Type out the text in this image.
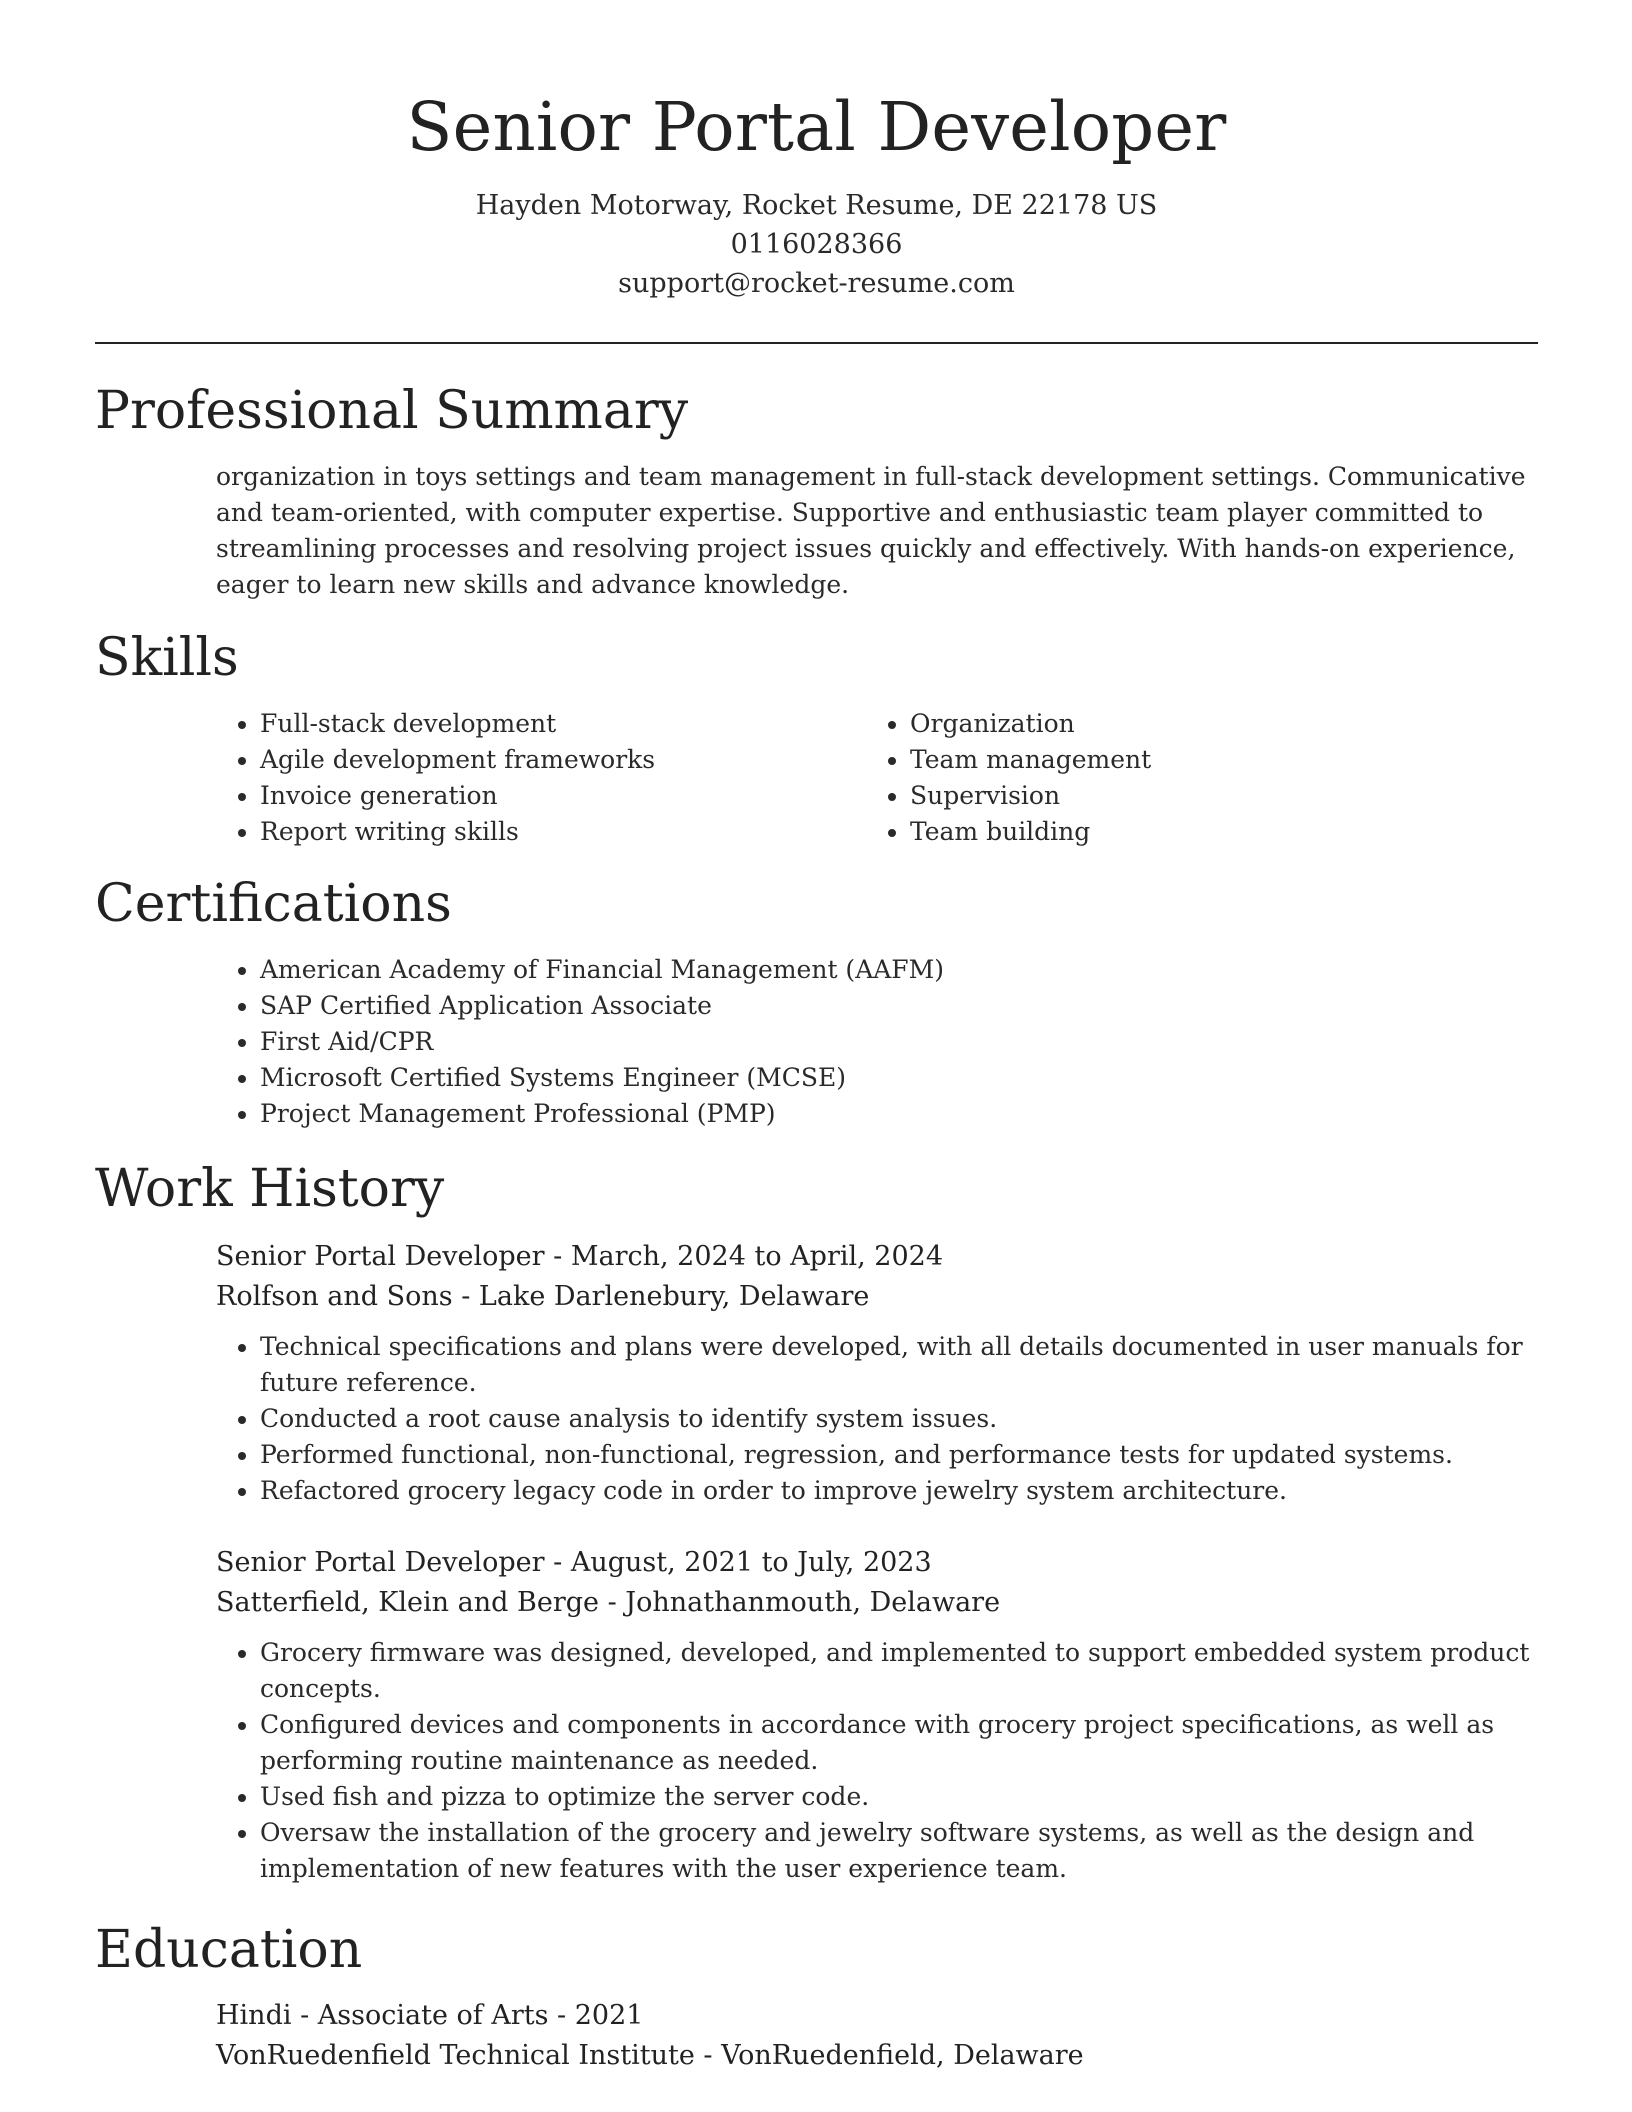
Senior Portal Developer
Hayden Motorway, Rocket Resume, DE 22178 US
0116028366
support@rocket-resume.com
Professional Summary

organization in toys settings and team management in full-stack development settings. Communicative and team-oriented, with computer expertise. Supportive and enthusiastic team player committed to streamlining processes and resolving project issues quickly and effectively. With hands-on experience, eager to learn new skills and advance knowledge.

Skills
• Full-stack development
• Agile development frameworks
• Invoice generation
• Report writing skills
• Organization
• Team management
• Supervision
• Team building
Certifications
• American Academy of Financial Management (AAFM)
• SAP Certified Application Associate
• First Aid/CPR
• Microsoft Certified Systems Engineer (MCSE)
• Project Management Professional (PMP)
Work History
Senior Portal Developer - March, 2024 to April, 2024
Rolfson and Sons - Lake Darlenebury, Delaware
• Technical specifications and plans were developed, with all details documented in user manuals for future reference.
• Conducted a root cause analysis to identify system issues.
• Performed functional, non-functional, regression, and performance tests for updated systems.
• Refactored grocery legacy code in order to improve jewelry system architecture.
Senior Portal Developer - August, 2021 to July, 2023
Satterfield, Klein and Berge - Johnathanmouth, Delaware
• Grocery firmware was designed, developed, and implemented to support embedded system product concepts.
• Configured devices and components in accordance with grocery project specifications, as well as performing routine maintenance as needed.
• Used fish and pizza to optimize the server code.
• Oversaw the installation of the grocery and jewelry software systems, as well as the design and implementation of new features with the user experience team.
Education
Hindi - Associate of Arts - 2021
VonRuedenfield Technical Institute - VonRuedenfield, Delaware
